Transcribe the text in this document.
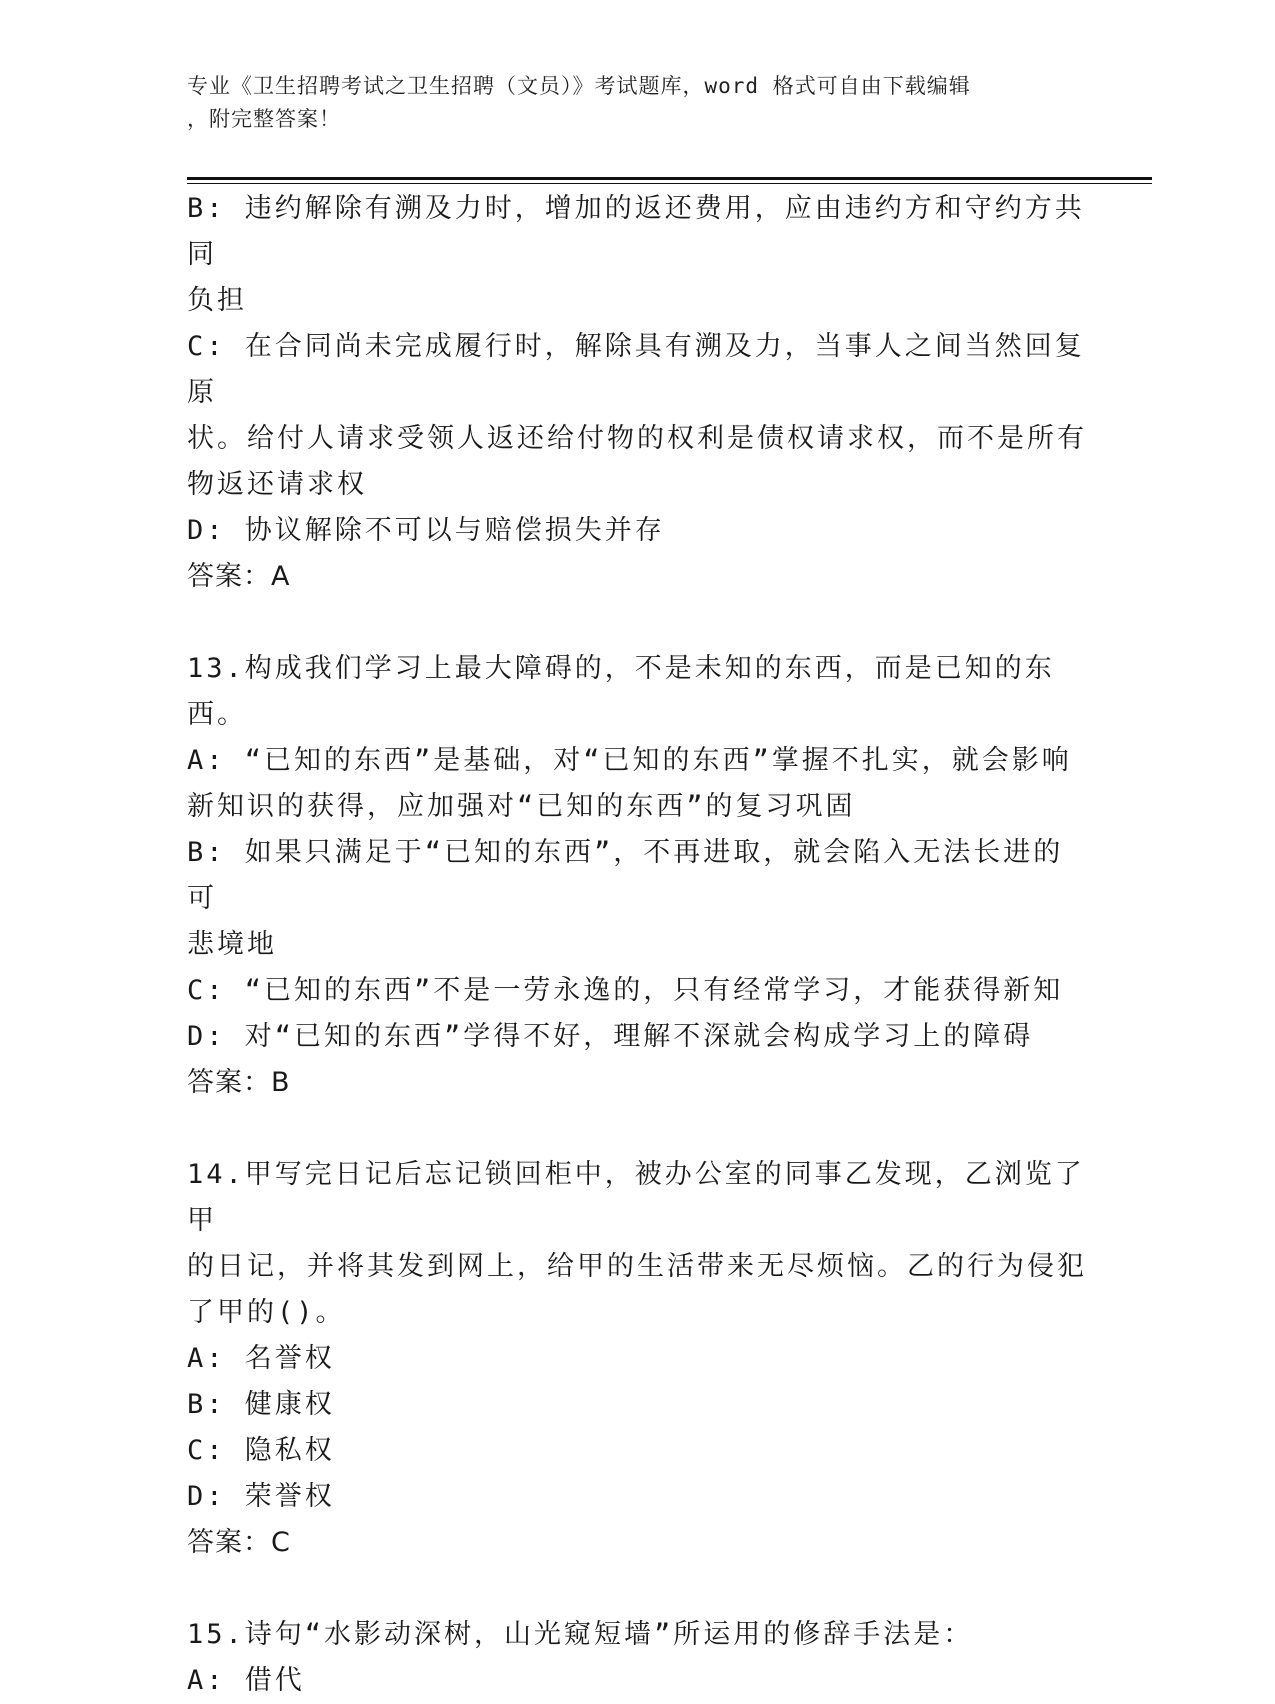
专业《卫生招聘考试之卫生招聘（文员）》考试题库，word 格式可自由下载编辑
，附完整答案！
B: 违约解除有溯及力时，增加的返还费用，应由违约方和守约方共同
负担
C: 在合同尚未完成履行时，解除具有溯及力，当事人之间当然回复原
状。给付人请求受领人返还给付物的权利是债权请求权，而不是所有
物返还请求权
D: 协议解除不可以与赔偿损失并存
答案：A
13.构成我们学习上最大障碍的，不是未知的东西，而是已知的东西。
A: “已知的东西”是基础，对“已知的东西”掌握不扎实，就会影响
新知识的获得，应加强对“已知的东西”的复习巩固
B: 如果只满足于“已知的东西”，不再进取，就会陷入无法长进的可
悲境地
C: “已知的东西”不是一劳永逸的，只有经常学习，才能获得新知
D: 对“已知的东西”学得不好，理解不深就会构成学习上的障碍
答案：B
14.甲写完日记后忘记锁回柜中，被办公室的同事乙发现，乙浏览了甲
的日记，并将其发到网上，给甲的生活带来无尽烦恼。乙的行为侵犯
了甲的()。
A: 名誉权
B: 健康权
C: 隐私权
D: 荣誉权
答案：C
15.诗句“水影动深树，山光窥短墙”所运用的修辞手法是：
A: 借代
